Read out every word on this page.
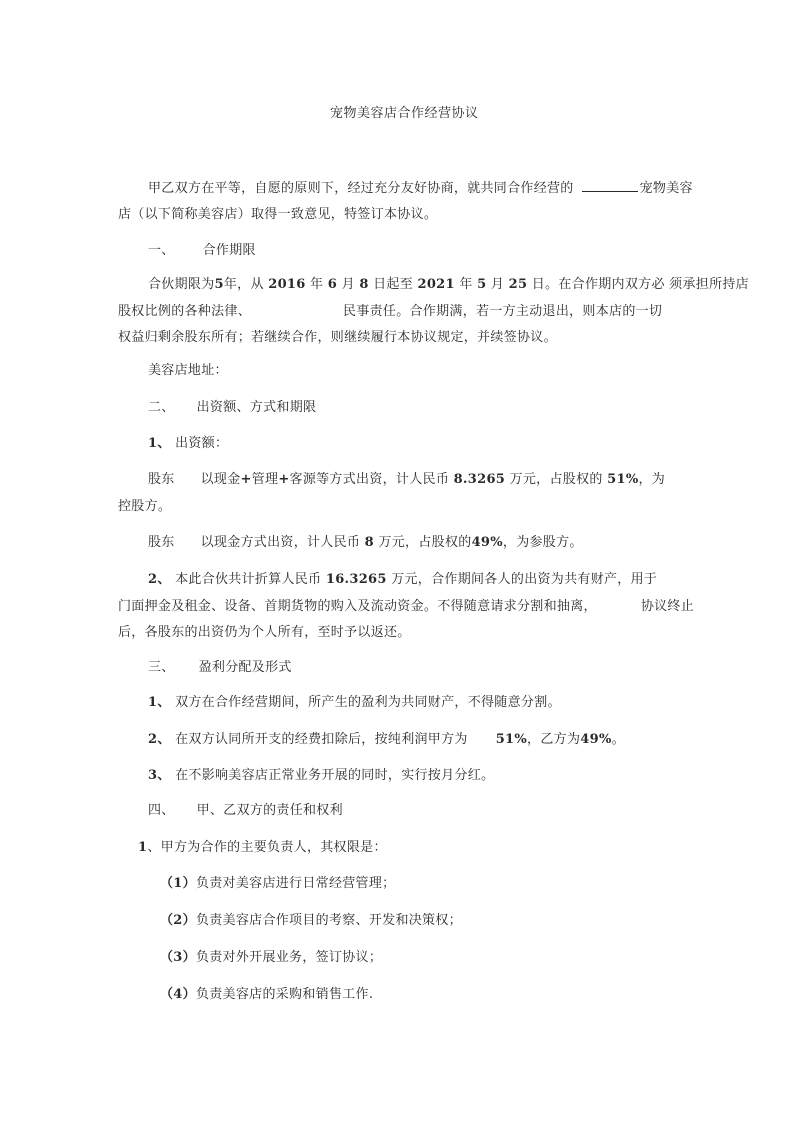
宠物美容店合作经营协议
甲乙双方在平等，自愿的原则下，经过充分友好协商，就共同合作经营的	宠物美容
店（以下简称美容店）取得一致意见，特签订本协议。
一、 合作期限
合伙期限为5年，从 2016 年 6 月 8 日起至 2021 年 5 月 25 日。在合作期内双方必 须承担所持店
股权比例的各种法律、	民事责任。合作期满，若一方主动退出，则本店的一切
权益归剩余股东所有；若继续合作，则继续履行本协议规定，并续签协议。
美容店地址：
二、 出资额、方式和期限
1、 出资额：
股东 以现金+管理+客源等方式出资，计人民币 8.3265 万元，占股权的 51%，为
控股方。
股东 以现金方式出资，计人民币 8 万元，占股权的49%，为参股方。
2、 本此合伙共计折算人民币 16.3265 万元，合作期间各人的出资为共有财产，用于
门面押金及租金、设备、首期货物的购入及流动资金。不得随意请求分割和抽离，	协议终止
后，各股东的出资仍为个人所有，至时予以返还。
三、 盈利分配及形式
1、 双方在合作经营期间，所产生的盈利为共同财产，不得随意分割。
2、 在双方认同所开支的经费扣除后，按纯利润甲方为 51%，乙方为49%。
3、 在不影响美容店正常业务开展的同时，实行按月分红。
四、 甲、乙双方的责任和权利
1、甲方为合作的主要负责人，其权限是：
（1）负责对美容店进行日常经营管理；
（2）负责美容店合作项目的考察、开发和决策权；
（3）负责对外开展业务，签订协议；
（4）负责美容店的采购和销售工作.
